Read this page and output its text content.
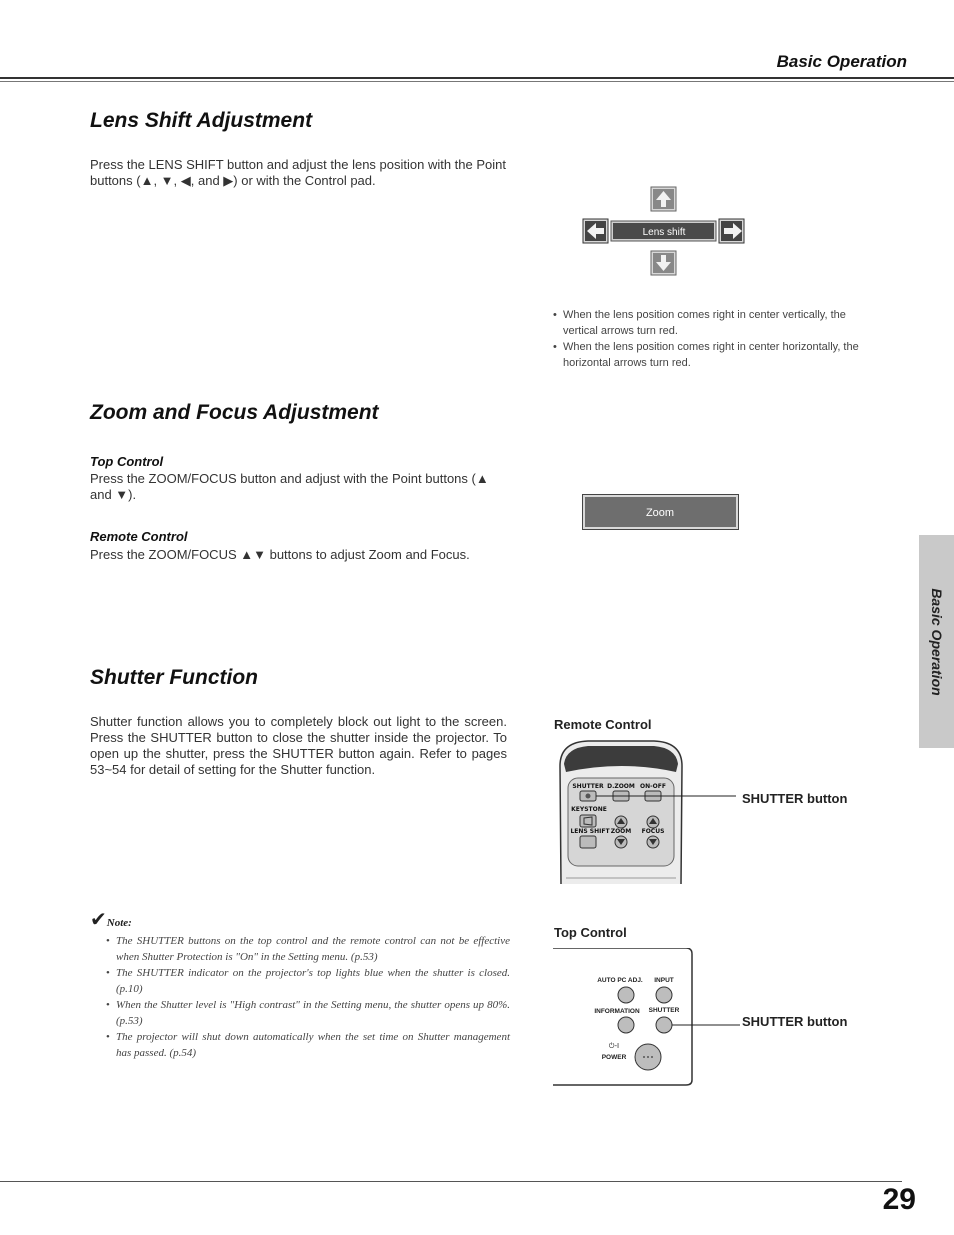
Basic Operation
Basic Operation
Lens Shift Adjustment
Press the LENS SHIFT button and adjust the lens position with the Point buttons (▲, ▼, ◀, and ▶) or with the Control pad.
Lens shift
• When the lens position comes right in center vertically, the vertical arrows turn red.
• When the lens position comes right in center horizontally, the horizontal arrows turn red.
Zoom and Focus Adjustment
Top Control
Press the ZOOM/FOCUS button and adjust with the Point buttons (▲ and ▼).
Remote Control
Press the ZOOM/FOCUS ▲▼ buttons to adjust Zoom and Focus.
Zoom
Shutter Function
Shutter function allows you to completely block out light to the screen. Press the SHUTTER button to close the shutter inside the projector. To open up the shutter, press the SHUTTER button again. Refer to pages 53~54 for detail of setting for the Shutter function.
Remote Control
SHUTTER D.ZOOM ON-OFF
KEYSTONE
LENS SHIFT ZOOM FOCUS
SHUTTER button
Top Control
AUTO PC ADJ. INPUT
INFORMATION SHUTTER
⏻-I
POWER
SHUTTER button
✔Note:
• The SHUTTER buttons on the top control and the remote control can not be effective when Shutter Protection is "On" in the Setting menu. (p.53)
• The SHUTTER indicator on the projector's top lights blue when the shutter is closed. (p.10)
• When the Shutter level is "High contrast" in the Setting menu, the shutter opens up 80%. (p.53)
• The projector will shut down automatically when the set time on Shutter management has passed. (p.54)
29
